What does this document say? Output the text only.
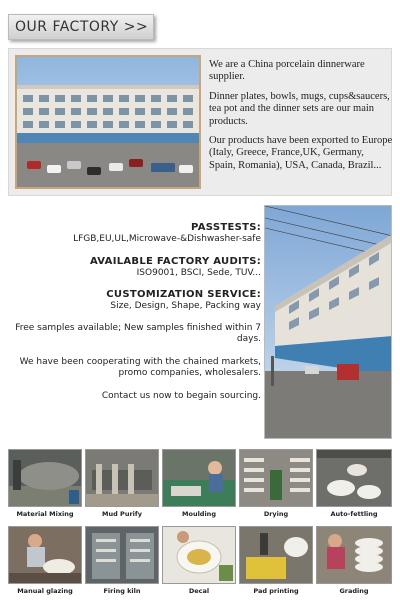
OUR FACTORY >>

We are a China porcelain dinnerware supplier.

Dinner plates, bowls, mugs, cups&saucers, tea pot and the dinner sets are our main products.

Our products have been exported to Europe (Italy, Greece, France,UK, Germany, Spain, Romania), USA, Canada, Brazil...

PASSTESTS:
LFGB,EU,UL,Microwave-&Dishwasher-safe
AVAILABLE FACTORY AUDITS:
ISO9001, BSCI, Sede, TUV...
CUSTOMIZATION SERVICE:
Size, Design, Shape, Packing way
Free samples available; New samples finished within 7 days.
We have been cooperating with the chained markets, promo companies, wholesalers.
Contact us now to begain sourcing.
Material Mixing	Mud Purify	Moulding	Drying	Auto-fettling
Manual glazing	Firing kiln	Decal	Pad printing	Grading
